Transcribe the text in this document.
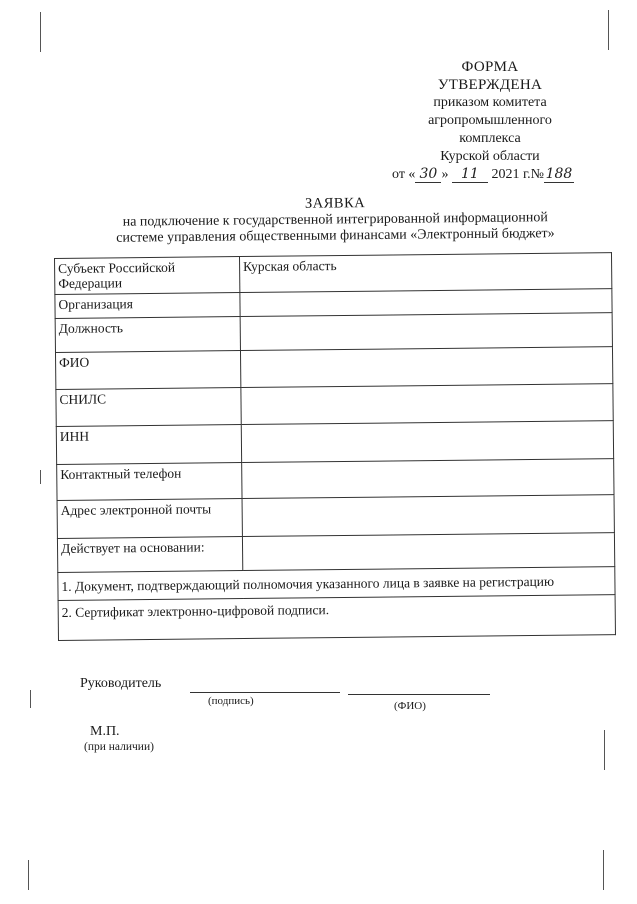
ФОРМА
УТВЕРЖДЕНА
приказом комитета
агропромышленного
комплекса
Курской области
от « 30 » 11 2021 г.№ 188
ЗАЯВКА
на подключение к государственной интегрированной информационной
системе управления общественными финансами «Электронный бюджет»
Субъект Российской Федерации	Курская область
Организация	
Должность	
ФИО	
СНИЛС	
ИНН	
Контактный телефон	
Адрес электронной почты	
Действует на основании:	
1. Документ, подтверждающий полномочия указанного лица в заявке на регистрацию	
2. Сертификат электронно-цифровой подписи.	
Руководитель
(подпись)	(ФИО)
М.П.
(при наличии)
